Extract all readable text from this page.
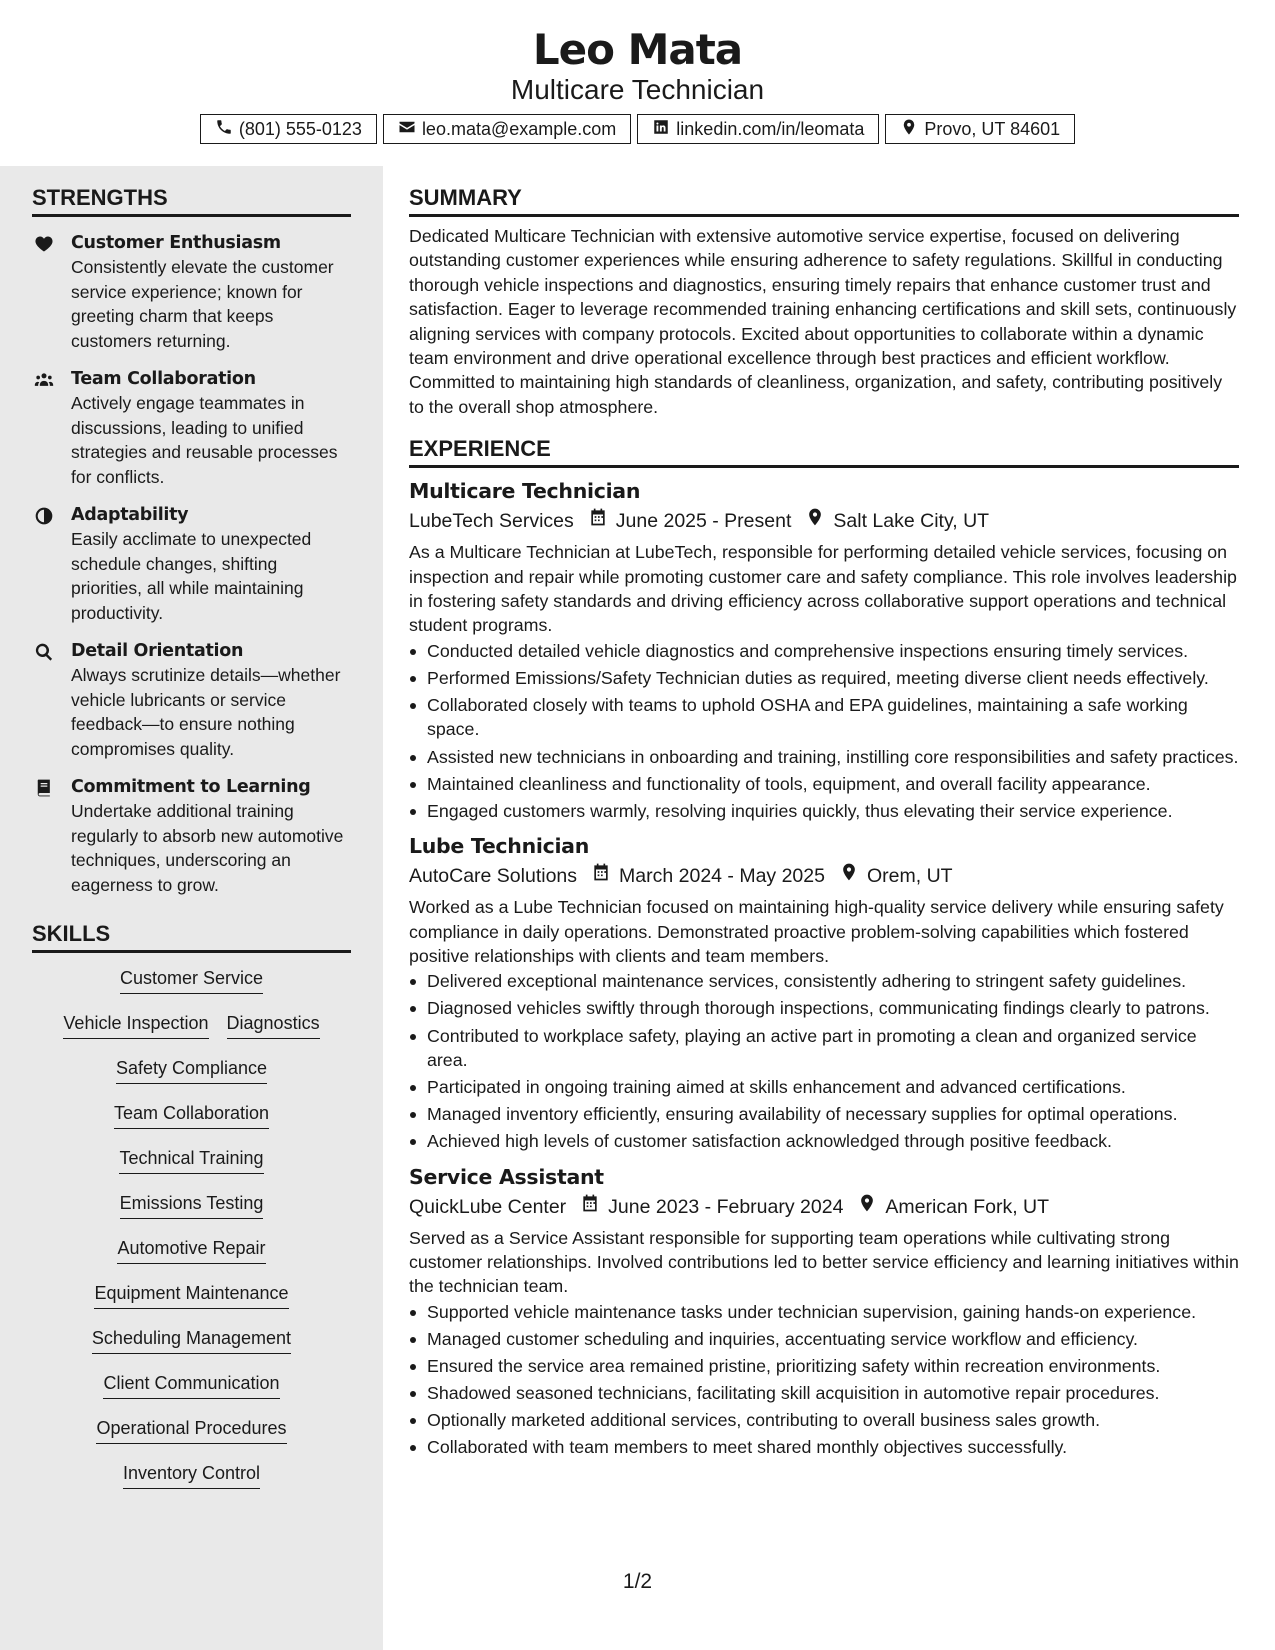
Leo Mata
Multicare Technician
(801) 555-0123	leo.mata@example.com	linkedin.com/in/leomata	Provo, UT 84601
STRENGTHS
Customer Enthusiasm
Consistently elevate the customer service experience; known for greeting charm that keeps customers returning.
Team Collaboration
Actively engage teammates in discussions, leading to unified strategies and reusable processes for conflicts.
Adaptability
Easily acclimate to unexpected schedule changes, shifting priorities, all while maintaining productivity.
Detail Orientation
Always scrutinize details—whether vehicle lubricants or service feedback—to ensure nothing compromises quality.
Commitment to Learning
Undertake additional training regularly to absorb new automotive techniques, underscoring an eagerness to grow.
SKILLS
Customer Service
Vehicle Inspection Diagnostics
Safety Compliance
Team Collaboration
Technical Training
Emissions Testing
Automotive Repair
Equipment Maintenance
Scheduling Management
Client Communication
Operational Procedures
Inventory Control
SUMMARY
Dedicated Multicare Technician with extensive automotive service expertise, focused on delivering outstanding customer experiences while ensuring adherence to safety regulations. Skillful in conducting thorough vehicle inspections and diagnostics, ensuring timely repairs that enhance customer trust and satisfaction. Eager to leverage recommended training enhancing certifications and skill sets, continuously aligning services with company protocols. Excited about opportunities to collaborate within a dynamic team environment and drive operational excellence through best practices and efficient workflow. Committed to maintaining high standards of cleanliness, organization, and safety, contributing positively to the overall shop atmosphere.
EXPERIENCE
Multicare Technician
LubeTech Services June 2025 - Present Salt Lake City, UT
As a Multicare Technician at LubeTech, responsible for performing detailed vehicle services, focusing on inspection and repair while promoting customer care and safety compliance. This role involves leadership in fostering safety standards and driving efficiency across collaborative support operations and technical student programs.
Conducted detailed vehicle diagnostics and comprehensive inspections ensuring timely services.
Performed Emissions/Safety Technician duties as required, meeting diverse client needs effectively.
Collaborated closely with teams to uphold OSHA and EPA guidelines, maintaining a safe working space.
Assisted new technicians in onboarding and training, instilling core responsibilities and safety practices.
Maintained cleanliness and functionality of tools, equipment, and overall facility appearance.
Engaged customers warmly, resolving inquiries quickly, thus elevating their service experience.
Lube Technician
AutoCare Solutions March 2024 - May 2025 Orem, UT
Worked as a Lube Technician focused on maintaining high-quality service delivery while ensuring safety compliance in daily operations. Demonstrated proactive problem-solving capabilities which fostered positive relationships with clients and team members.
Delivered exceptional maintenance services, consistently adhering to stringent safety guidelines.
Diagnosed vehicles swiftly through thorough inspections, communicating findings clearly to patrons.
Contributed to workplace safety, playing an active part in promoting a clean and organized service area.
Participated in ongoing training aimed at skills enhancement and advanced certifications.
Managed inventory efficiently, ensuring availability of necessary supplies for optimal operations.
Achieved high levels of customer satisfaction acknowledged through positive feedback.
Service Assistant
QuickLube Center June 2023 - February 2024 American Fork, UT
Served as a Service Assistant responsible for supporting team operations while cultivating strong customer relationships. Involved contributions led to better service efficiency and learning initiatives within the technician team.
Supported vehicle maintenance tasks under technician supervision, gaining hands-on experience.
Managed customer scheduling and inquiries, accentuating service workflow and efficiency.
Ensured the service area remained pristine, prioritizing safety within recreation environments.
Shadowed seasoned technicians, facilitating skill acquisition in automotive repair procedures.
Optionally marketed additional services, contributing to overall business sales growth.
Collaborated with team members to meet shared monthly objectives successfully.
1/2
